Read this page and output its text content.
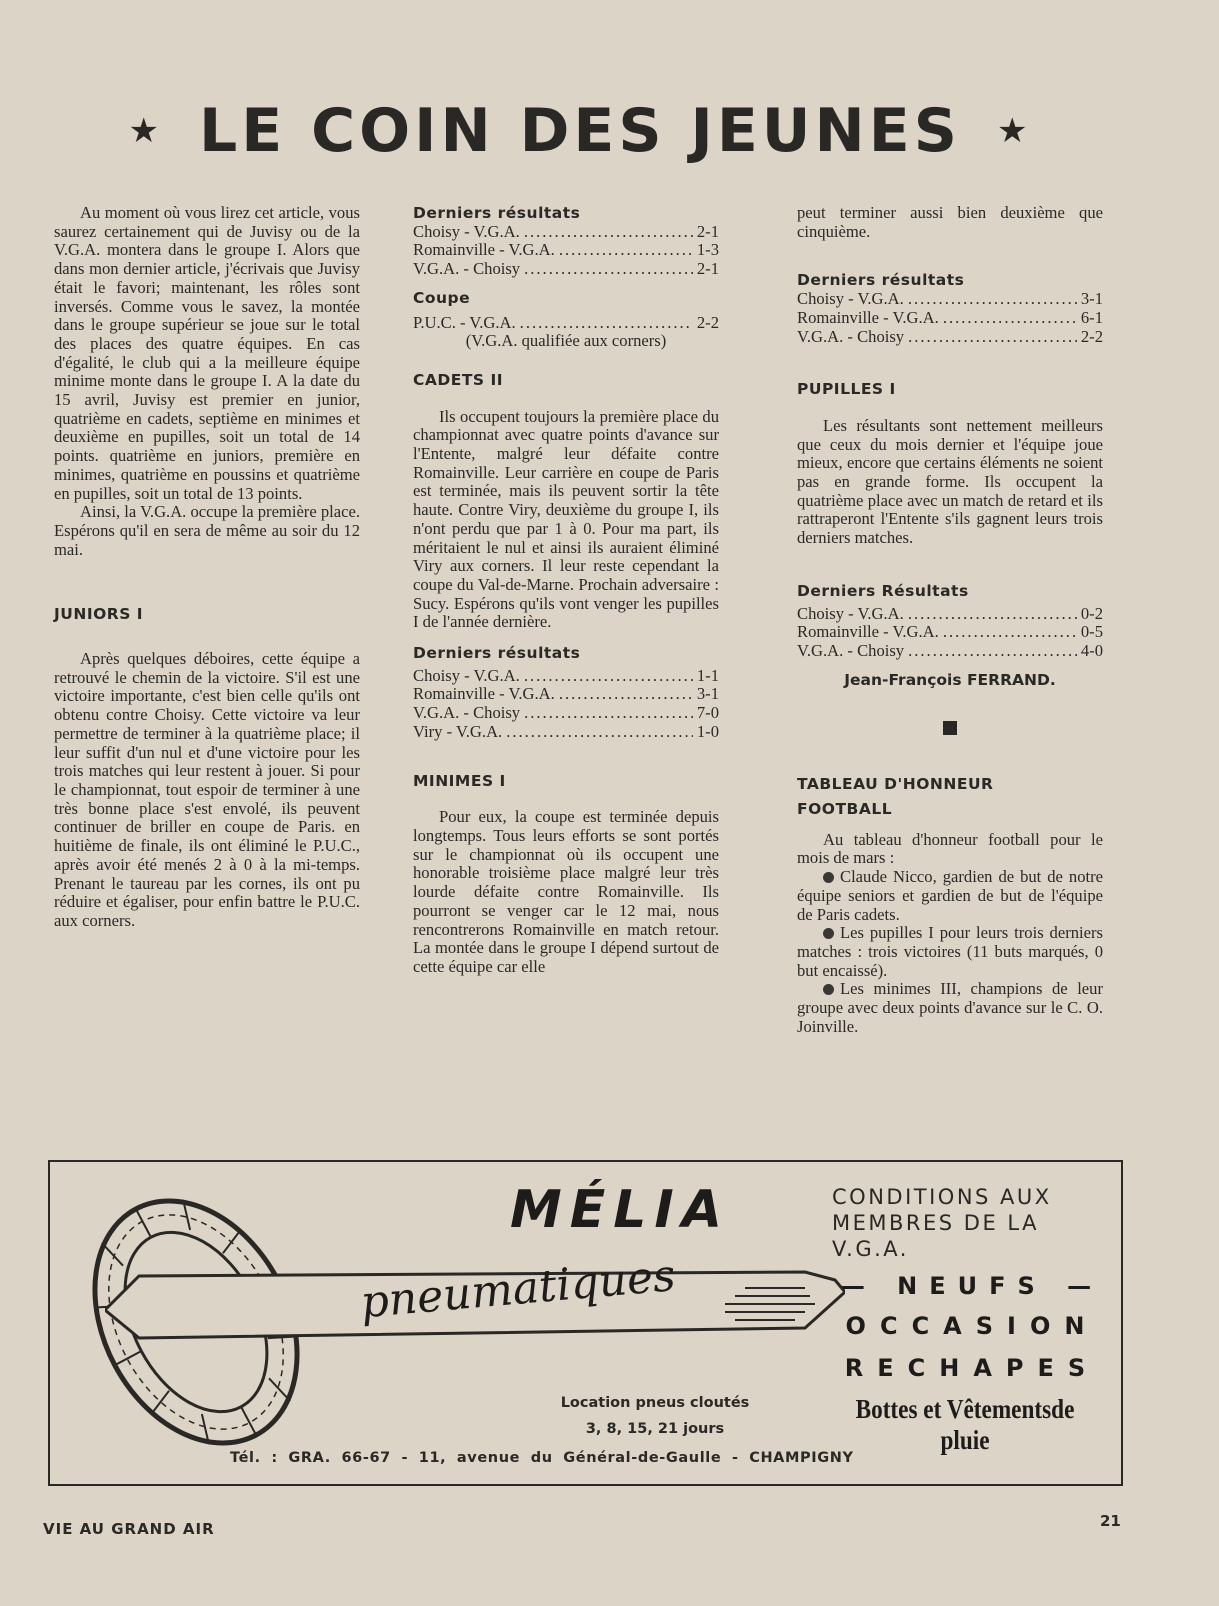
★ LE COIN DES JEUNES ★

Au moment où vous lirez cet article, vous saurez certainement qui de Juvisy ou de la V.G.A. montera dans le groupe I. Alors que dans mon dernier article, j'écrivais que Juvisy était le favori; maintenant, les rôles sont inversés. Comme vous le savez, la montée dans le groupe supérieur se joue sur le total des places des quatre équipes. En cas d'égalité, le club qui a la meilleure équipe minime monte dans le groupe I. A la date du 15 avril, Juvisy est premier en junior, quatrième en cadets, septième en minimes et deuxième en pupilles, soit un total de 14 points. quatrième en juniors, première en minimes, quatrième en poussins et quatrième en pupilles, soit un total de 13 points.

Ainsi, la V.G.A. occupe la première place. Espérons qu'il en sera de même au soir du 12 mai.

JUNIORS I

Après quelques déboires, cette équipe a retrouvé le chemin de la victoire. S'il est une victoire importante, c'est bien celle qu'ils ont obtenu contre Choisy. Cette victoire va leur permettre de terminer à la quatrième place; il leur suffit d'un nul et d'une victoire pour les trois matches qui leur restent à jouer. Si pour le championnat, tout espoir de terminer à une très bonne place s'est envolé, ils peuvent continuer de briller en coupe de Paris. en huitième de finale, ils ont éliminé le P.U.C., après avoir été menés 2 à 0 à la mi-temps. Prenant le taureau par les cornes, ils ont pu réduire et égaliser, pour enfin battre le P.U.C. aux corners.

Derniers résultats

Choisy - V.G.A. .....	2-1
Romainville - V.G.A. .....	1-3
V.G.A. - Choisy .....	2-1

Coupe

P.U.C. - V.G.A. .....	2-2
(V.G.A. qualifiée aux corners)

CADETS II

Ils occupent toujours la première place du championnat avec quatre points d'avance sur l'Entente, malgré leur défaite contre Romainville. Leur carrière en coupe de Paris est terminée, mais ils peuvent sortir la tête haute. Contre Viry, deuxième du groupe I, ils n'ont perdu que par 1 à 0. Pour ma part, ils méritaient le nul et ainsi ils auraient éliminé Viry aux corners. Il leur reste cependant la coupe du Val-de-Marne. Prochain adversaire : Sucy. Espérons qu'ils vont venger les pupilles I de l'année dernière.

Derniers résultats

Choisy - V.G.A. .....	1-1
Romainville - V.G.A. .....	3-1
V.G.A. - Choisy .....	7-0
Viry - V.G.A. .....	1-0

MINIMES I

Pour eux, la coupe est terminée depuis longtemps. Tous leurs efforts se sont portés sur le championnat où ils occupent une honorable troisième place malgré leur très lourde défaite contre Romainville. Ils pourront se venger car le 12 mai, nous rencontrerons Romainville en match retour. La montée dans le groupe I dépend surtout de cette équipe car elle

peut terminer aussi bien deuxième que cinquième.

Derniers résultats

Choisy - V.G.A. .....	3-1
Romainville - V.G.A. .....	6-1
V.G.A. - Choisy .....	2-2

PUPILLES I

Les résultants sont nettement meilleurs que ceux du mois dernier et l'équipe joue mieux, encore que certains éléments ne soient pas en grande forme. Ils occupent la quatrième place avec un match de retard et ils rattraperont l'Entente s'ils gagnent leurs trois derniers matches.

Derniers Résultats

Choisy - V.G.A. .....	0-2
Romainville - V.G.A. .....	0-5
V.G.A. - Choisy .....	4-0
Jean-François FERRAND.

TABLEAU D'HONNEUR

FOOTBALL

Au tableau d'honneur football pour le mois de mars :

Claude Nicco, gardien de but de notre équipe seniors et gardien de but de l'équipe de Paris cadets.

Les pupilles I pour leurs trois derniers matches : trois victoires (11 buts marqués, 0 but encaissé).

Les minimes III, champions de leur groupe avec deux points d'avance sur le C. O. Joinville.

MÉLIA
pneumatiques
CONDITIONS AUX MEMBRES DE LA V.G.A.
— NEUFS —
OCCASION
RECHAPES
Bottes et Vêtementsde pluie
Location pneus cloutés
3, 8, 15, 21 jours
Tél. : GRA. 66-67 - 11, avenue du Général-de-Gaulle - CHAMPIGNY
VIE AU GRAND AIR	21
